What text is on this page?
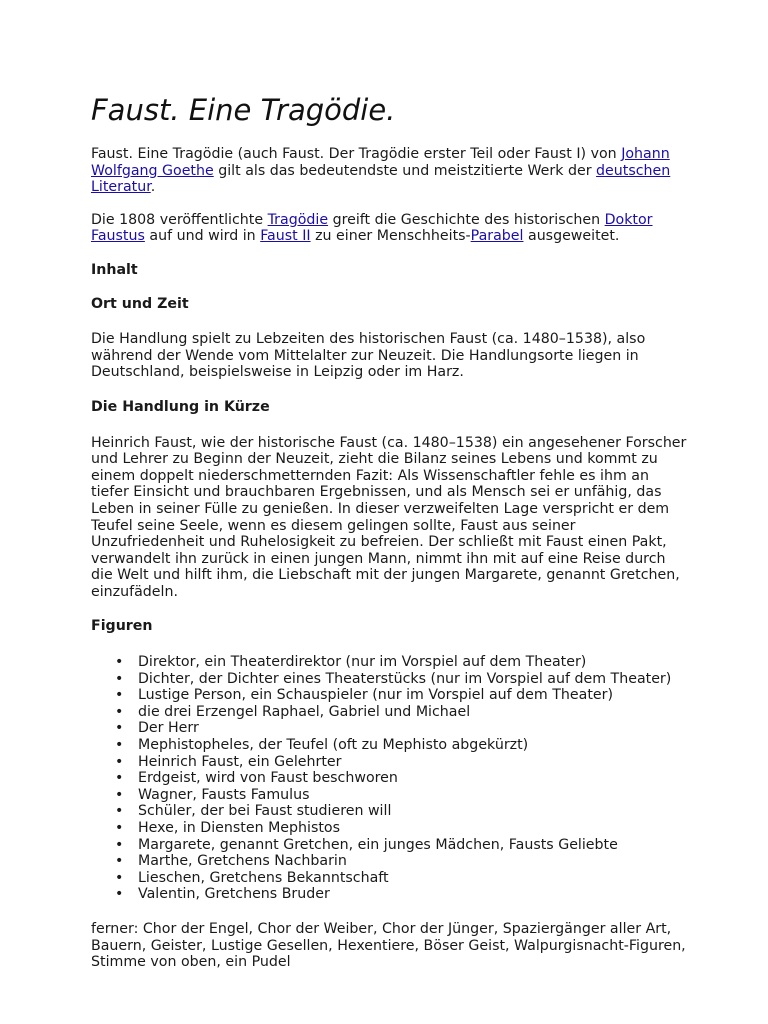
Faust. Eine Tragödie.

Faust. Eine Tragödie (auch Faust. Der Tragödie erster Teil oder Faust I) von Johann Wolfgang Goethe gilt als das bedeutendste und meistzitierte Werk der deutschen Literatur.

Die 1808 veröffentlichte Tragödie greift die Geschichte des historischen Doktor Faustus auf und wird in Faust II zu einer Menschheits-Parabel ausgeweitet.

Inhalt

Ort und Zeit

Die Handlung spielt zu Lebzeiten des historischen Faust (ca. 1480–1538), also während der Wende vom Mittelalter zur Neuzeit. Die Handlungsorte liegen in Deutschland, beispielsweise in Leipzig oder im Harz.

Die Handlung in Kürze

Heinrich Faust, wie der historische Faust (ca. 1480–1538) ein angesehener Forscher und Lehrer zu Beginn der Neuzeit, zieht die Bilanz seines Lebens und kommt zu einem doppelt niederschmetternden Fazit: Als Wissenschaftler fehle es ihm an tiefer Einsicht und brauchbaren Ergebnissen, und als Mensch sei er unfähig, das Leben in seiner Fülle zu genießen. In dieser verzweifelten Lage verspricht er dem Teufel seine Seele, wenn es diesem gelingen sollte, Faust aus seiner Unzufriedenheit und Ruhelosigkeit zu befreien. Der schließt mit Faust einen Pakt, verwandelt ihn zurück in einen jungen Mann, nimmt ihn mit auf eine Reise durch die Welt und hilft ihm, die Liebschaft mit der jungen Margarete, genannt Gretchen, einzufädeln.

Figuren

• Direktor, ein Theaterdirektor (nur im Vorspiel auf dem Theater)
• Dichter, der Dichter eines Theaterstücks (nur im Vorspiel auf dem Theater)
• Lustige Person, ein Schauspieler (nur im Vorspiel auf dem Theater)
• die drei Erzengel Raphael, Gabriel und Michael
• Der Herr
• Mephistopheles, der Teufel (oft zu Mephisto abgekürzt)
• Heinrich Faust, ein Gelehrter
• Erdgeist, wird von Faust beschworen
• Wagner, Fausts Famulus
• Schüler, der bei Faust studieren will
• Hexe, in Diensten Mephistos
• Margarete, genannt Gretchen, ein junges Mädchen, Fausts Geliebte
• Marthe, Gretchens Nachbarin
• Lieschen, Gretchens Bekanntschaft
• Valentin, Gretchens Bruder

ferner: Chor der Engel, Chor der Weiber, Chor der Jünger, Spaziergänger aller Art, Bauern, Geister, Lustige Gesellen, Hexentiere, Böser Geist, Walpurgisnacht-Figuren, Stimme von oben, ein Pudel
